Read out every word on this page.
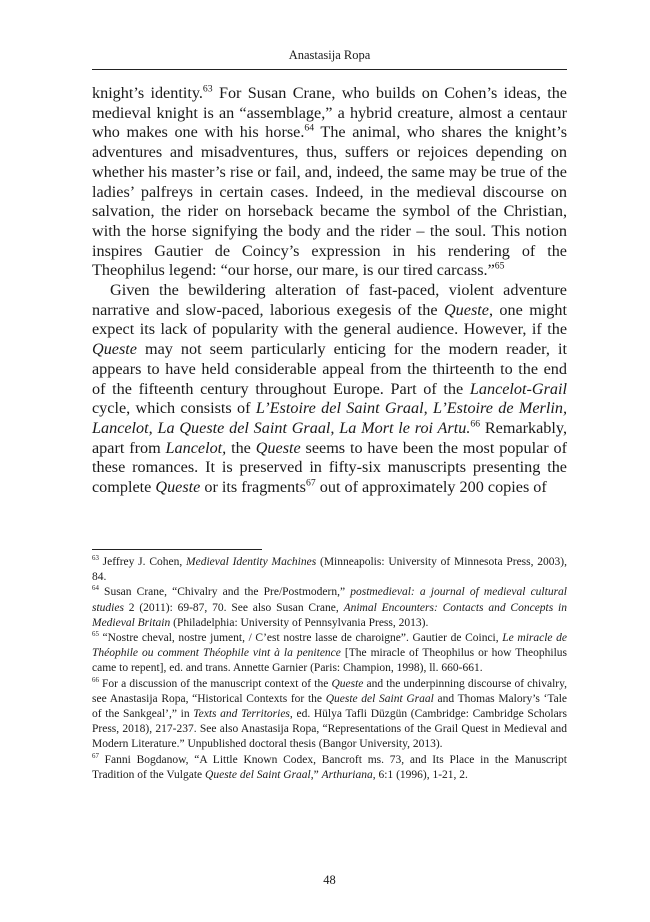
Anastasija Ropa

knight’s identity.$^{63}$ For Susan Crane, who builds on Cohen’s ideas, the medieval knight is an “assemblage,” a hybrid creature, almost a centaur who makes one with his horse.$^{64}$ The animal, who shares the knight’s adventures and misadventures, thus, suffers or rejoices depending on whether his master’s rise or fail, and, indeed, the same may be true of the ladies’ palfreys in certain cases. Indeed, in the medieval discourse on salvation, the rider on horseback became the symbol of the Christian, with the horse signifying the body and the rider – the soul. This notion inspires Gautier de Coincy’s expression in his rendering of the Theophilus legend: “our horse, our mare, is our tired carcass.”$^{65}$

Given the bewildering alteration of fast-paced, violent adventure narrative and slow-paced, laborious exegesis of the Queste, one might expect its lack of popularity with the general audience. However, if the Queste may not seem particularly enticing for the modern reader, it appears to have held considerable appeal from the thirteenth to the end of the fifteenth century throughout Europe. Part of the Lancelot-Grail cycle, which consists of L’Estoire del Saint Graal, L’Estoire de Merlin, Lancelot, La Queste del Saint Graal, La Mort le roi Artu.$^{66}$ Remarkably, apart from Lancelot, the Queste seems to have been the most popular of these romances. It is preserved in fifty-six manuscripts presenting the complete Queste or its fragments$^{67}$ out of approximately 200 copies of

$^{63}$ Jeffrey J. Cohen, Medieval Identity Machines (Minneapolis: University of Minnesota Press, 2003), 84.

$^{64}$ Susan Crane, “Chivalry and the Pre/Postmodern,” postmedieval: a journal of medieval cultural studies 2 (2011): 69-87, 70. See also Susan Crane, Animal Encounters: Contacts and Concepts in Medieval Britain (Philadelphia: University of Pennsylvania Press, 2013).

$^{65}$ “Nostre cheval, nostre jument, / C’est nostre lasse de charoigne”. Gautier de Coinci, Le miracle de Théophile ou comment Théophile vint à la penitence [The miracle of Theophilus or how Theophilus came to repent], ed. and trans. Annette Garnier (Paris: Champion, 1998), ll. 660-661.

$^{66}$ For a discussion of the manuscript context of the Queste and the underpinning discourse of chivalry, see Anastasija Ropa, “Historical Contexts for the Queste del Saint Graal and Thomas Malory’s ‘Tale of the Sankgeal’,” in Texts and Territories, ed. Hülya Tafli Düzgün (Cambridge: Cambridge Scholars Press, 2018), 217-237. See also Anastasija Ropa, “Representations of the Grail Quest in Medieval and Modern Literature.” Unpublished doctoral thesis (Bangor University, 2013).

$^{67}$ Fanni Bogdanow, “A Little Known Codex, Bancroft ms. 73, and Its Place in the Manuscript Tradition of the Vulgate Queste del Saint Graal,” Arthuriana, 6:1 (1996), 1-21, 2.

48
